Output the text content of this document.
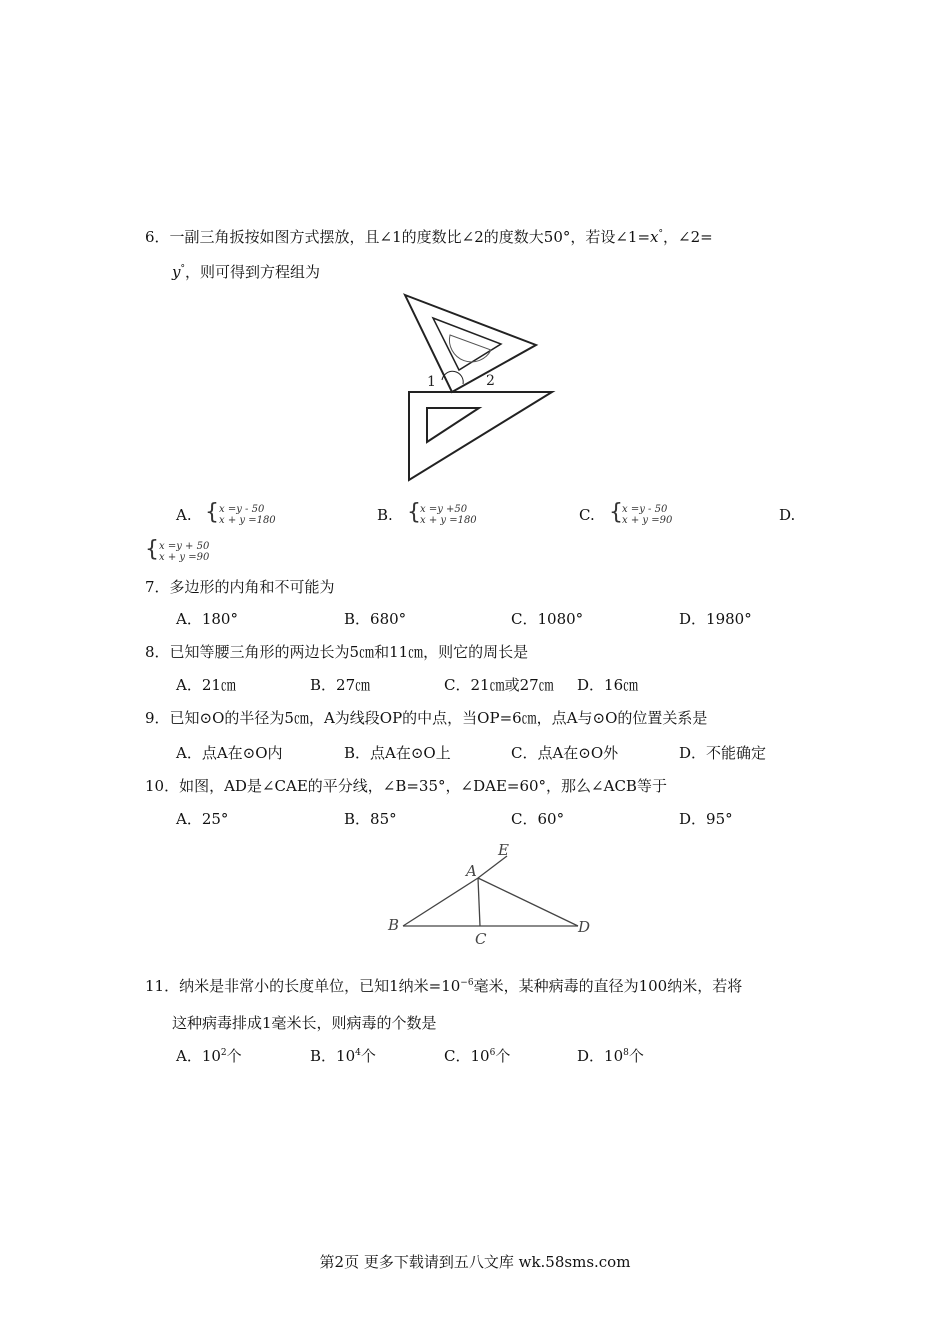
6．一副三角扳按如图方式摆放，且∠1的度数比∠2的度数大50°，若设∠1=x°，∠2=
y°，则可得到方程组为
1	2
A. { x =y - 50
x + y =180	B. { x =y +50
x + y =180	C. { x =y - 50
x + y =90	D.
{ x =y + 50
x + y =90
7．多边形的内角和不可能为
A．180°	B．680°	C．1080°	D．1980°
8．已知等腰三角形的两边长为5㎝和11㎝，则它的周长是
A．21㎝	B．27㎝	C．21㎝或27㎝ D．16㎝
9．已知⊙O的半径为5㎝，A为线段OP的中点，当OP=6㎝，点A与⊙O的位置关系是
A．点A在⊙O内	B．点A在⊙O上	C．点A在⊙O外	D．不能确定
10．如图，AD是∠CAE的平分线，∠B=35°，∠DAE=60°，那么∠ACB等于
A．25°	B．85°	C．60°	D．95°
A
E
B
C
D
11．纳米是非常小的长度单位，已知1纳米$=10^{-6}$毫米，某种病毒的直径为100纳米，若将
这种病毒排成1毫米长，则病毒的个数是
A．$10^2$个	B．$10^4$个	C．$10^6$个	D．$10^8$个
第2页 更多下载请到五八文库 wk.58sms.com
